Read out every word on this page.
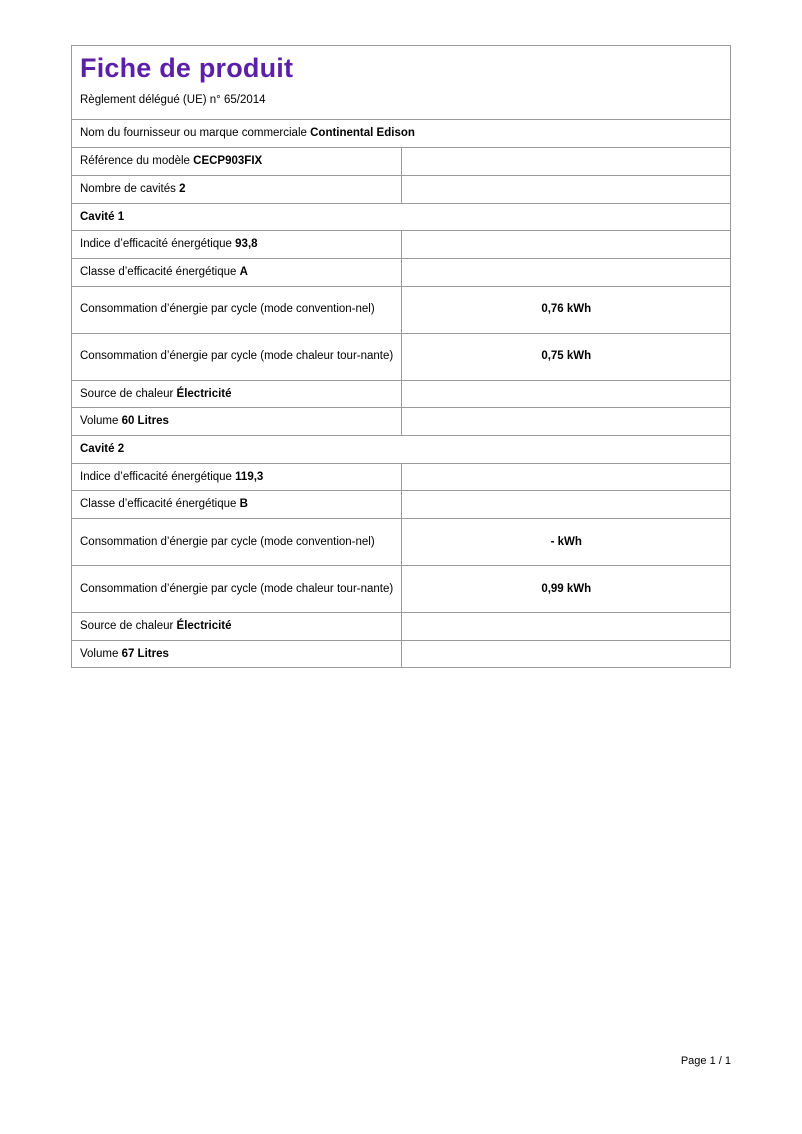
Fiche de produit

Règlement délégué (UE) n° 65/2014

Nom du fournisseur ou marque commerciale Continental Edison	
Référence du modèle CECP903FIX	
Nombre de cavités 2	
Cavité 1	
Indice d’efficacité énergétique 93,8	
Classe d’efficacité énergétique A	
Consommation d’énergie par cycle (mode convention-nel)	0,76 kWh
Consommation d’énergie par cycle (mode chaleur tour-nante)	0,75 kWh
Source de chaleur Électricité	
Volume 60 Litres	
Cavité 2	
Indice d’efficacité énergétique 119,3	
Classe d’efficacité énergétique B	
Consommation d’énergie par cycle (mode convention-nel)	- kWh
Consommation d’énergie par cycle (mode chaleur tour-nante)	0,99 kWh
Source de chaleur Électricité	
Volume 67 Litres	
Page 1 / 1
